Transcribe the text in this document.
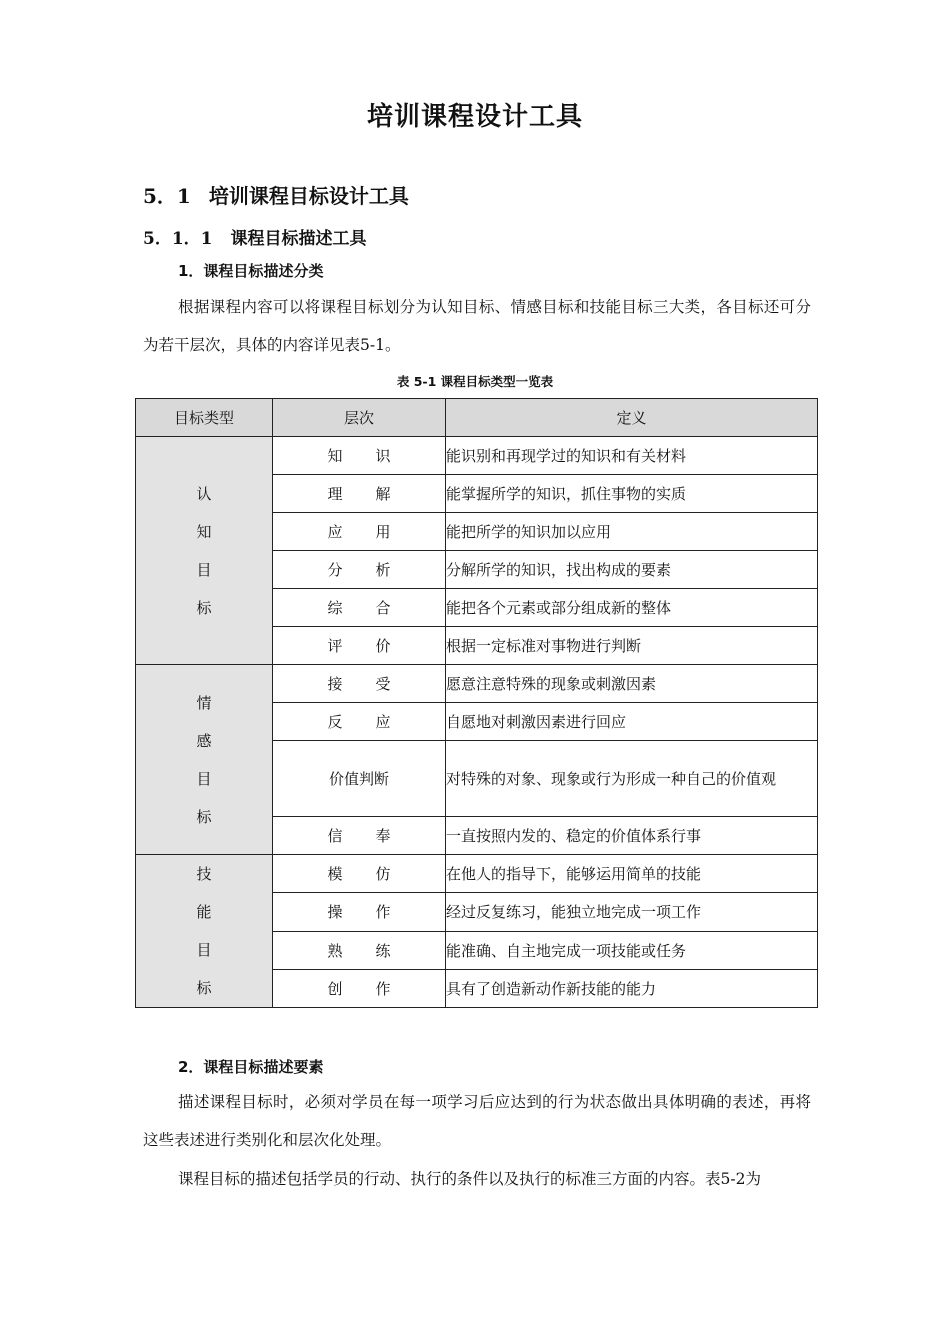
培训课程设计工具
5．1 培训课程目标设计工具
5．1．1 课程目标描述工具
1．课程目标描述分类
根据课程内容可以将课程目标划分为认知目标、情感目标和技能目标三大类，各目标还可分为若干层次，具体的内容详见表5-1。
表 5-1 课程目标类型一览表
目标类型	层次	定义
认知目标	知识	能识别和再现学过的知识和有关材料
	理解	能掌握所学的知识，抓住事物的实质
	应用	能把所学的知识加以应用
	分析	分解所学的知识，找出构成的要素
	综合	能把各个元素或部分组成新的整体
	评价	根据一定标准对事物进行判断
情感目标	接受	愿意注意特殊的现象或刺激因素
	反应	自愿地对刺激因素进行回应
	价值判断	对特殊的对象、现象或行为形成一种自己的价值观
	信奉	一直按照内发的、稳定的价值体系行事
技能目标	模仿	在他人的指导下，能够运用简单的技能
	操作	经过反复练习，能独立地完成一项工作
	熟练	能准确、自主地完成一项技能或任务
	创作	具有了创造新动作新技能的能力
2．课程目标描述要素
描述课程目标时，必须对学员在每一项学习后应达到的行为状态做出具体明确的表述，再将这些表述进行类别化和层次化处理。
课程目标的描述包括学员的行动、执行的条件以及执行的标准三方面的内容。表5-2为
